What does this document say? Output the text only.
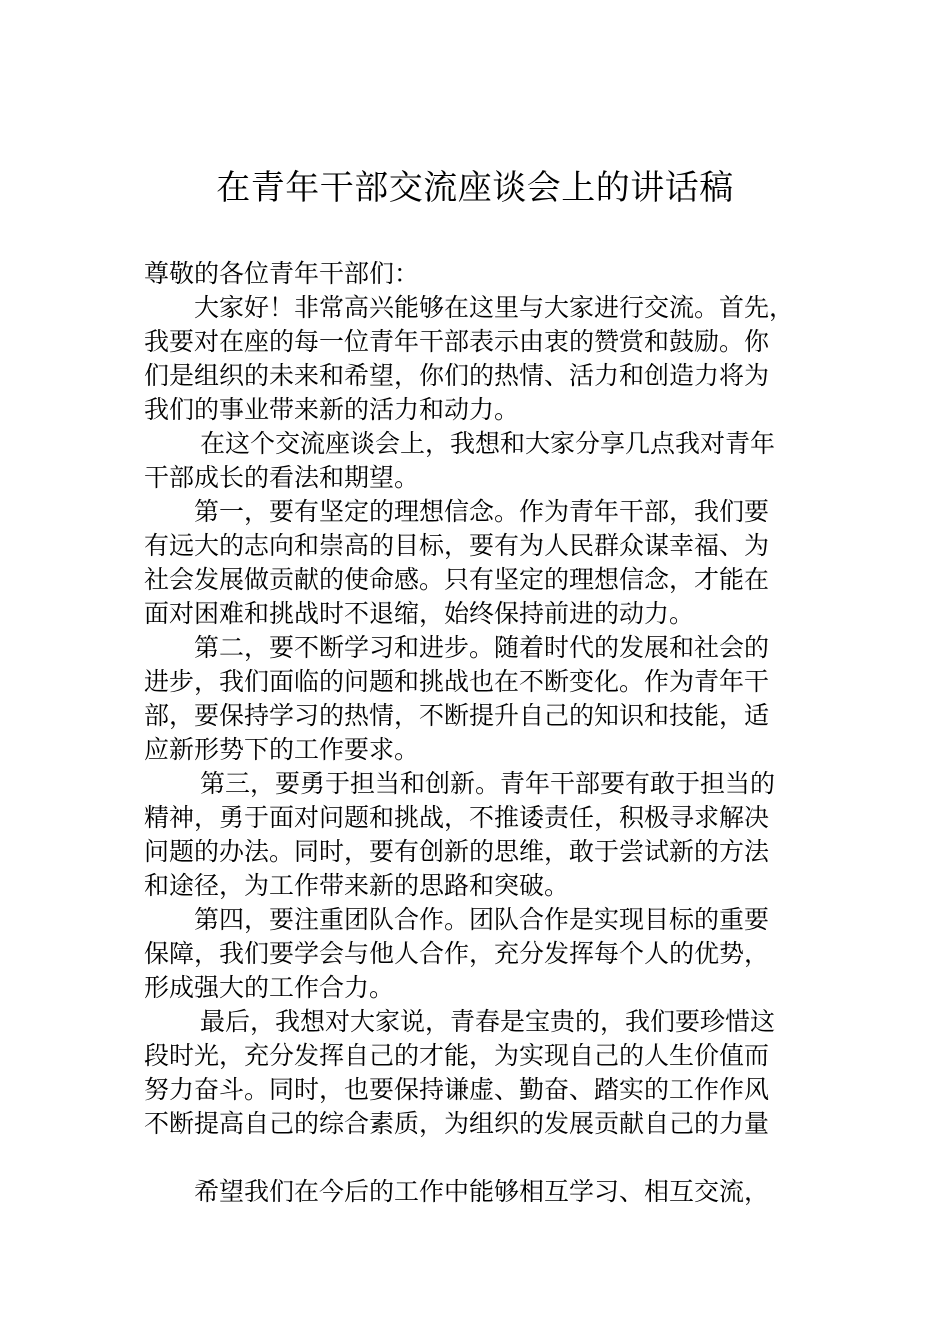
在青年干部交流座谈会上的讲话稿
尊敬的各位青年干部们：
大家好！非常高兴能够在这里与大家进行交流。首先，
我要对在座的每一位青年干部表示由衷的赞赏和鼓励。你
们是组织的未来和希望，你们的热情、活力和创造力将为
我们的事业带来新的活力和动力。
在这个交流座谈会上，我想和大家分享几点我对青年
干部成长的看法和期望。
第一，要有坚定的理想信念。作为青年干部，我们要
有远大的志向和崇高的目标，要有为人民群众谋幸福、为
社会发展做贡献的使命感。只有坚定的理想信念，才能在
面对困难和挑战时不退缩，始终保持前进的动力。
第二，要不断学习和进步。随着时代的发展和社会的
进步，我们面临的问题和挑战也在不断变化。作为青年干
部，要保持学习的热情，不断提升自己的知识和技能，适
应新形势下的工作要求。
第三，要勇于担当和创新。青年干部要有敢于担当的
精神，勇于面对问题和挑战，不推诿责任，积极寻求解决
问题的办法。同时，要有创新的思维，敢于尝试新的方法
和途径，为工作带来新的思路和突破。
第四，要注重团队合作。团队合作是实现目标的重要
保障，我们要学会与他人合作，充分发挥每个人的优势，
形成强大的工作合力。
最后，我想对大家说，青春是宝贵的，我们要珍惜这
段时光，充分发挥自己的才能，为实现自己的人生价值而
努力奋斗。同时，也要保持谦虚、勤奋、踏实的工作作风
不断提高自己的综合素质，为组织的发展贡献自己的力量
希望我们在今后的工作中能够相互学习、相互交流，
